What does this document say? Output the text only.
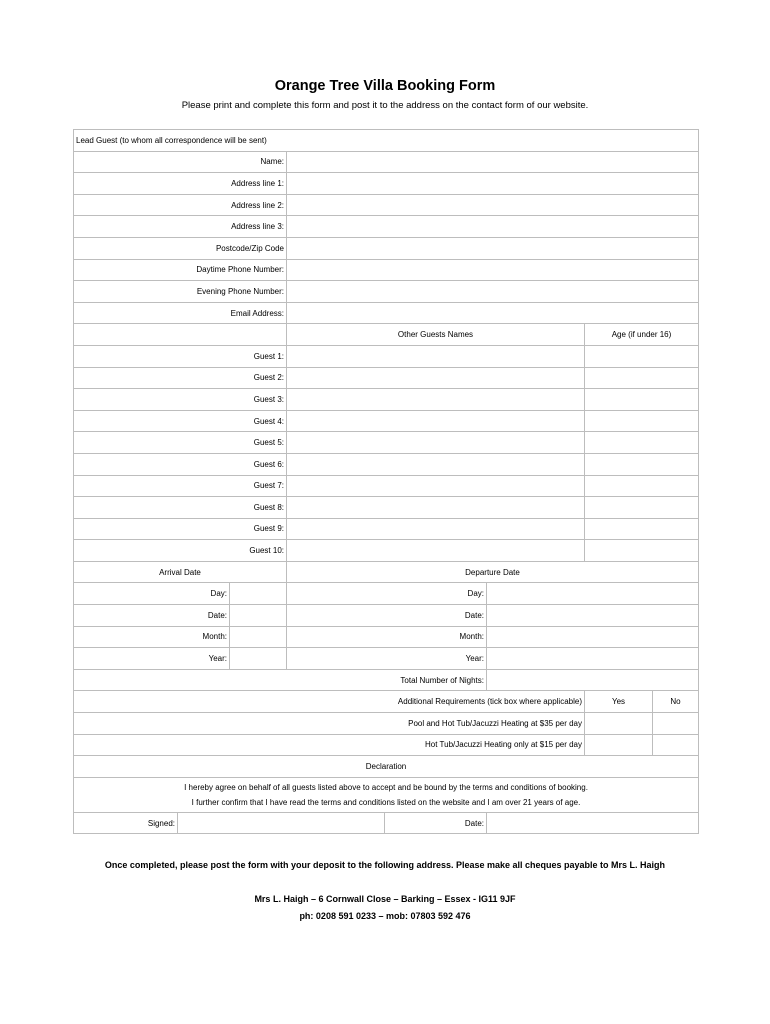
Orange Tree Villa Booking Form
Please print and complete this form and post it to the address on the contact form of our website.
Lead Guest (to whom all correspondence will be sent)							
Name:							
Address line 1:							
Address line 2:							
Address line 3:							
Postcode/Zip Code							
Daytime Phone Number:							
Evening Phone Number:							
Email Address:							
			Other Guests Names			Age (if under 16)	
Guest 1:							
Guest 2:							
Guest 3:							
Guest 4:							
Guest 5:							
Guest 6:							
Guest 7:							
Guest 8:							
Guest 9:							
Guest 10:							
Arrival Date			Departure Date				
Day:			Day:				
Date:			Date:				
Month:			Month:				
Year:			Year:				
Total Number of Nights:							
Additional Requirements (tick box where applicable)						Yes	No
Pool and Hot Tub/Jacuzzi Heating at $35 per day							
Hot Tub/Jacuzzi Heating only at $15 per day							
Declaration							

I hereby agree on behalf of all guests listed above to accept and be bound by the terms and conditions of booking.
I further confirm that I have read the terms and conditions listed on the website and I am over 21 years of age.							

Signed:				Date:			
Once completed, please post the form with your deposit to the following address. Please make all cheques payable to Mrs L. Haigh
Mrs L. Haigh – 6 Cornwall Close – Barking – Essex - IG11 9JF
ph: 0208 591 0233 – mob: 07803 592 476
